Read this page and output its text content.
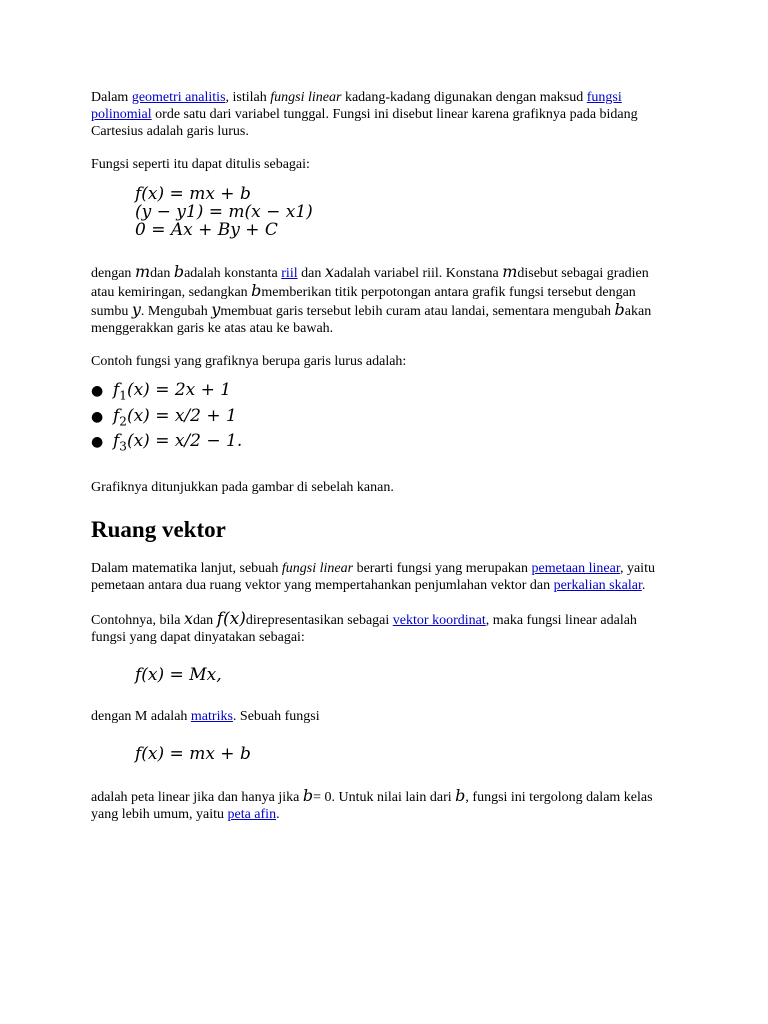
Dalam geometri analitis, istilah fungsi linear kadang-kadang digunakan dengan maksud fungsi polinomial orde satu dari variabel tunggal. Fungsi ini disebut linear karena grafiknya pada bidang Cartesius adalah garis lurus.

Fungsi seperti itu dapat ditulis sebagai:

f(x) = mx + b
(y − y1) = m(x − x1)
0 = Ax + By + C

dengan mdan badalah konstanta riil dan xadalah variabel riil. Konstana mdisebut sebagai gradien atau kemiringan, sedangkan bmemberikan titik perpotongan antara grafik fungsi tersebut dengan sumbu y. Mengubah ymembuat garis tersebut lebih curam atau landai, sementara mengubah bakan menggerakkan garis ke atas atau ke bawah.

Contoh fungsi yang grafiknya berupa garis lurus adalah:

● $f_1(x) = 2x + 1$
● $f_2(x) = x/2 + 1$
● $f_3(x) = x/2 - 1$.

Grafiknya ditunjukkan pada gambar di sebelah kanan.

Ruang vektor

Dalam matematika lanjut, sebuah fungsi linear berarti fungsi yang merupakan pemetaan linear, yaitu pemetaan antara dua ruang vektor yang mempertahankan penjumlahan vektor dan perkalian skalar.

Contohnya, bila xdan f(x)direpresentasikan sebagai vektor koordinat, maka fungsi linear adalah fungsi yang dapat dinyatakan sebagai:

f(x) = Mx,

dengan M adalah matriks. Sebuah fungsi

f(x) = mx + b

adalah peta linear jika dan hanya jika b= 0. Untuk nilai lain dari b, fungsi ini tergolong dalam kelas yang lebih umum, yaitu peta afin.
